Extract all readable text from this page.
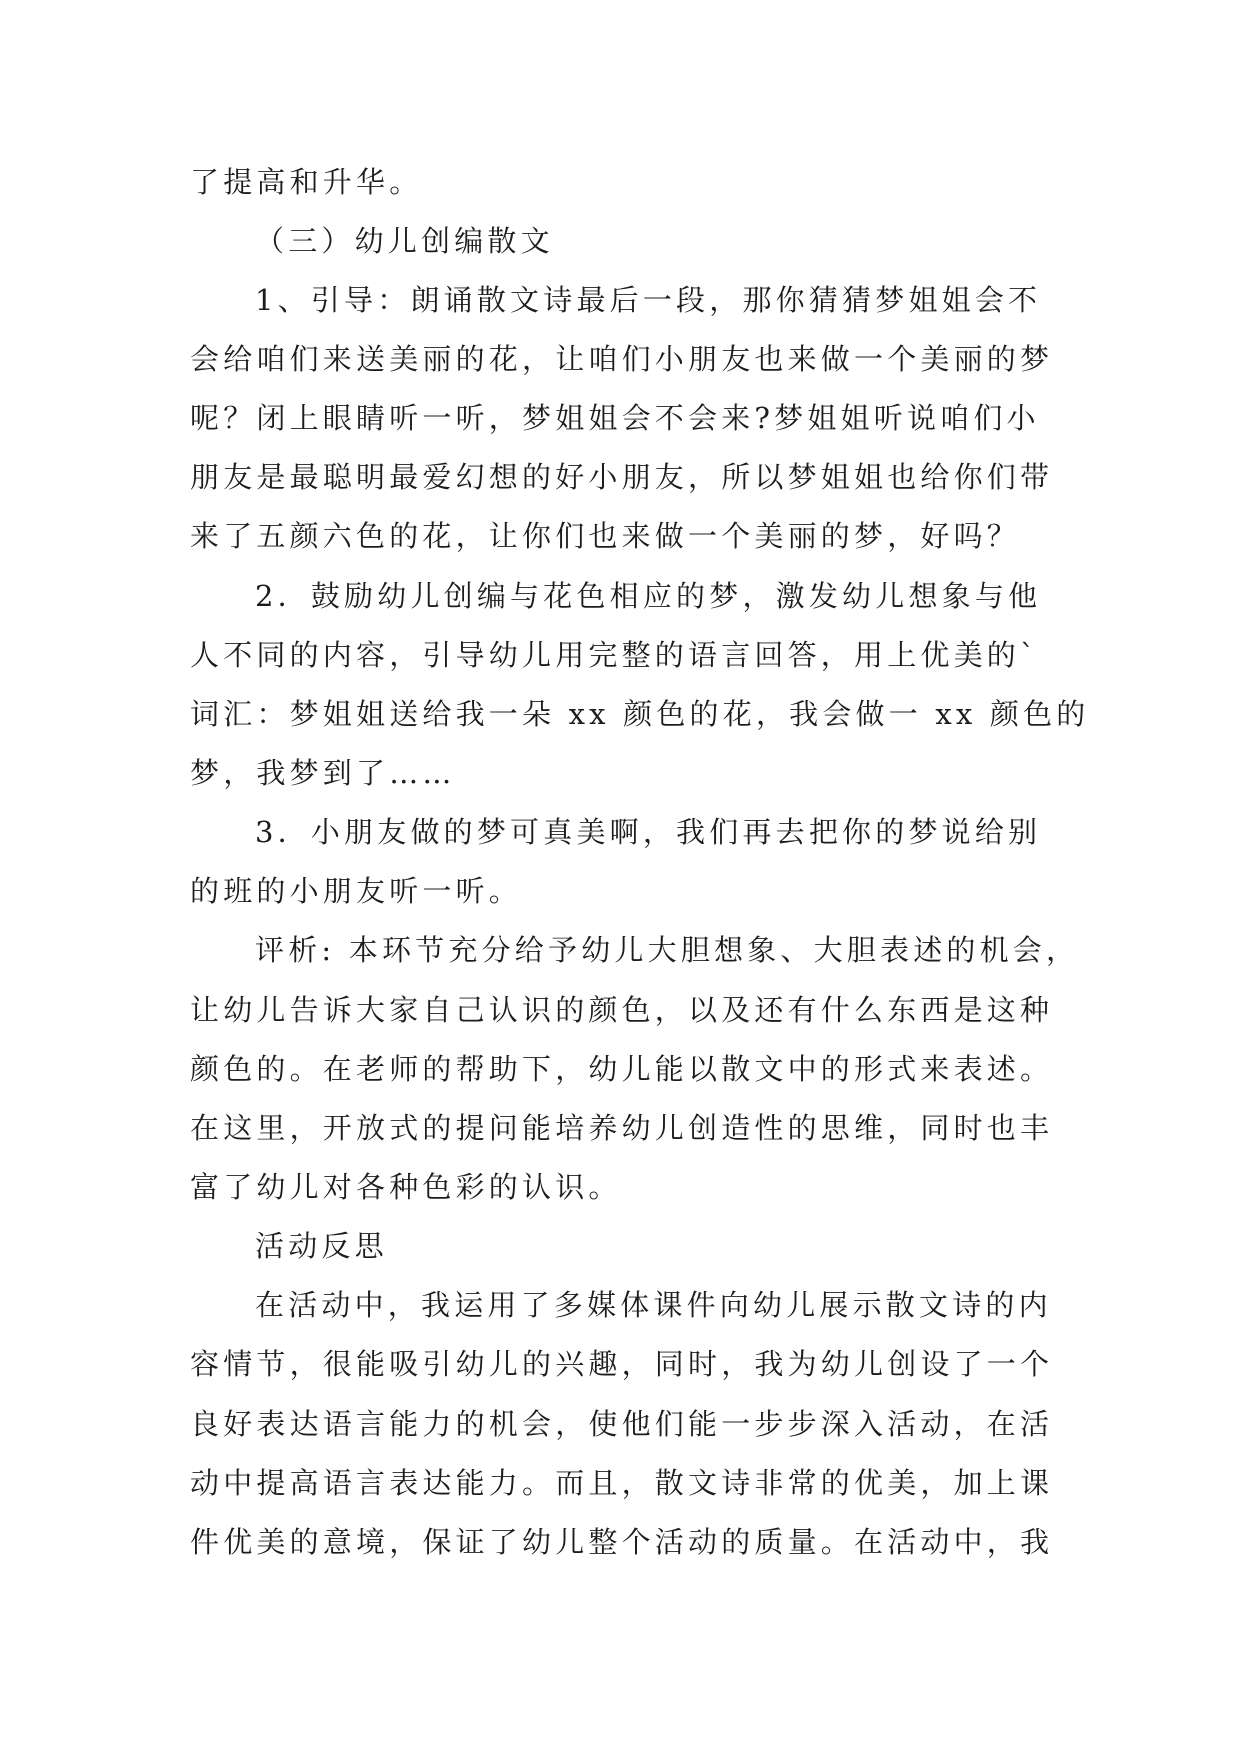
了提高和升华。

（三）幼儿创编散文

1、引导：朗诵散文诗最后一段，那你猜猜梦姐姐会不

会给咱们来送美丽的花，让咱们小朋友也来做一个美丽的梦

呢？闭上眼睛听一听，梦姐姐会不会来?梦姐姐听说咱们小

朋友是最聪明最爱幻想的好小朋友，所以梦姐姐也给你们带

来了五颜六色的花，让你们也来做一个美丽的梦，好吗？

2．鼓励幼儿创编与花色相应的梦，激发幼儿想象与他

人不同的内容，引导幼儿用完整的语言回答，用上优美的`

词汇：梦姐姐送给我一朵 xx 颜色的花，我会做一 xx 颜色的

梦，我梦到了……

3．小朋友做的梦可真美啊，我们再去把你的梦说给别

的班的小朋友听一听。

评析: 本环节充分给予幼儿大胆想象、大胆表述的机会，

让幼儿告诉大家自己认识的颜色，以及还有什么东西是这种

颜色的。在老师的帮助下，幼儿能以散文中的形式来表述。

在这里，开放式的提问能培养幼儿创造性的思维，同时也丰

富了幼儿对各种色彩的认识。

活动反思

在活动中，我运用了多媒体课件向幼儿展示散文诗的内

容情节，很能吸引幼儿的兴趣，同时，我为幼儿创设了一个

良好表达语言能力的机会，使他们能一步步深入活动，在活

动中提高语言表达能力。而且，散文诗非常的优美，加上课

件优美的意境，保证了幼儿整个活动的质量。在活动中，我
